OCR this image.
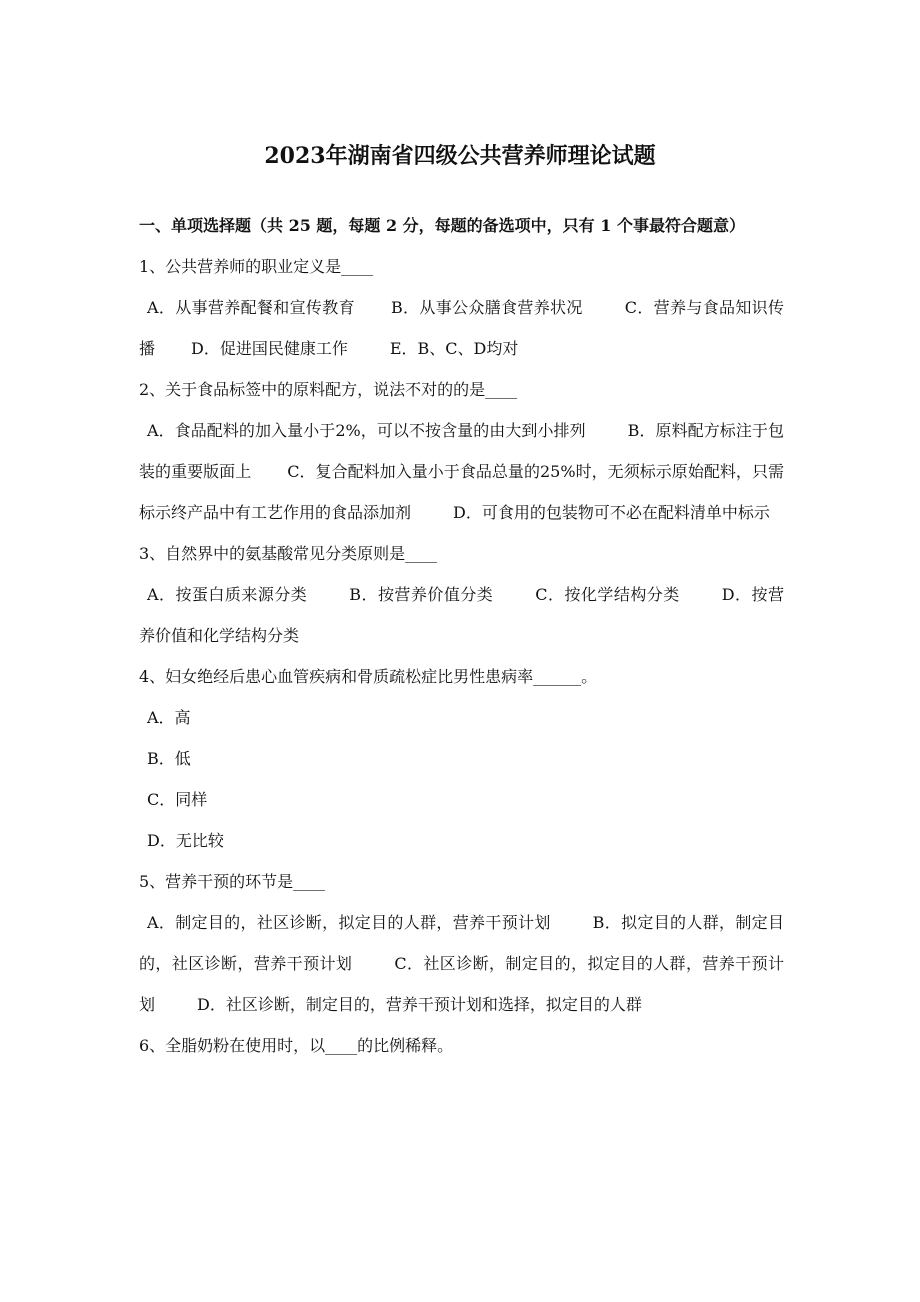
2023年湖南省四级公共营养师理论试题
一、单项选择题（共 25 题，每题 2 分，每题的备选项中，只有 1 个事最符合题意）
1、公共营养师的职业定义是____
A．从事营养配餐和宣传教育 B．从事公众膳食营养状况	C．营养与食品知识传播 D．促进国民健康工作	E．B、C、D均对
2、关于食品标签中的原料配方，说法不对的的是____
A．食品配料的加入量小于2%，可以不按含量的由大到小排列	B．原料配方标注于包装的重要版面上 C．复合配料加入量小于食品总量的25%时，无须标示原始配料，只需标示终产品中有工艺作用的食品添加剂	D．可食用的包装物可不必在配料清单中标示
3、自然界中的氨基酸常见分类原则是____
A．按蛋白质来源分类	B．按营养价值分类	C．按化学结构分类	D．按营养价值和化学结构分类
4、妇女绝经后患心血管疾病和骨质疏松症比男性患病率______。
A．高
B．低
C．同样
D．无比较
5、营养干预的环节是____
A．制定目的，社区诊断，拟定目的人群，营养干预计划	B．拟定目的人群，制定目的，社区诊断，营养干预计划	C．社区诊断，制定目的，拟定目的人群，营养干预计划	D．社区诊断，制定目的，营养干预计划和选择，拟定目的人群
6、全脂奶粉在使用时，以____的比例稀释。
